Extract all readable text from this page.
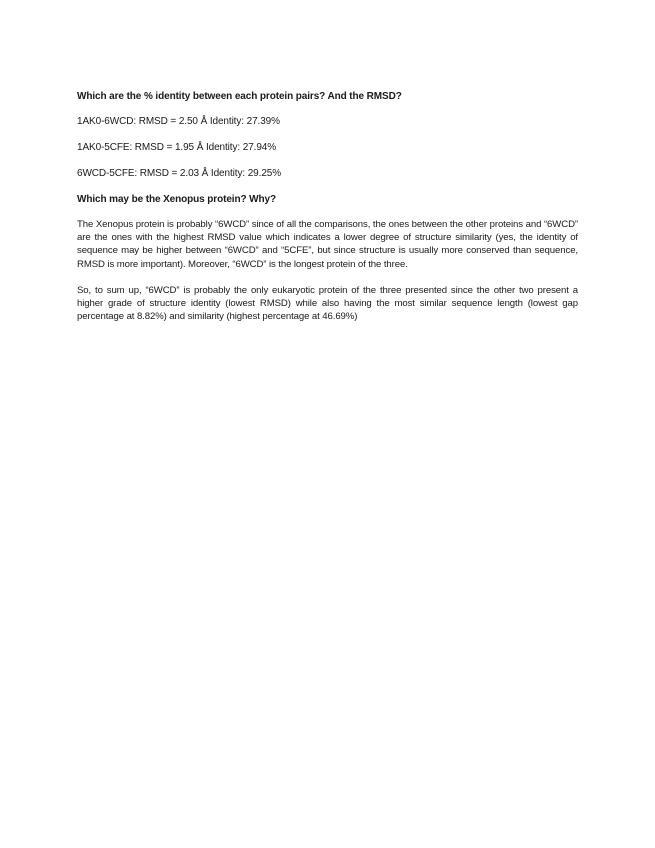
Which are the % identity between each protein pairs? And the RMSD?

1AK0-6WCD: RMSD = 2.50 Å Identity: 27.39%

1AK0-5CFE: RMSD = 1.95 Å Identity: 27.94%

6WCD-5CFE: RMSD = 2.03 Å Identity: 29.25%

Which may be the Xenopus protein? Why?

The Xenopus protein is probably “6WCD” since of all the comparisons, the ones between the other proteins and “6WCD” are the ones with the highest RMSD value which indicates a lower degree of structure similarity (yes, the identity of sequence may be higher between “6WCD” and “5CFE”, but since structure is usually more conserved than sequence, RMSD is more important). Moreover, “6WCD” is the longest protein of the three.

So, to sum up, “6WCD” is probably the only eukaryotic protein of the three presented since the other two present a higher grade of structure identity (lowest RMSD) while also having the most similar sequence length (lowest gap percentage at 8.82%) and similarity (highest percentage at 46.69%)
